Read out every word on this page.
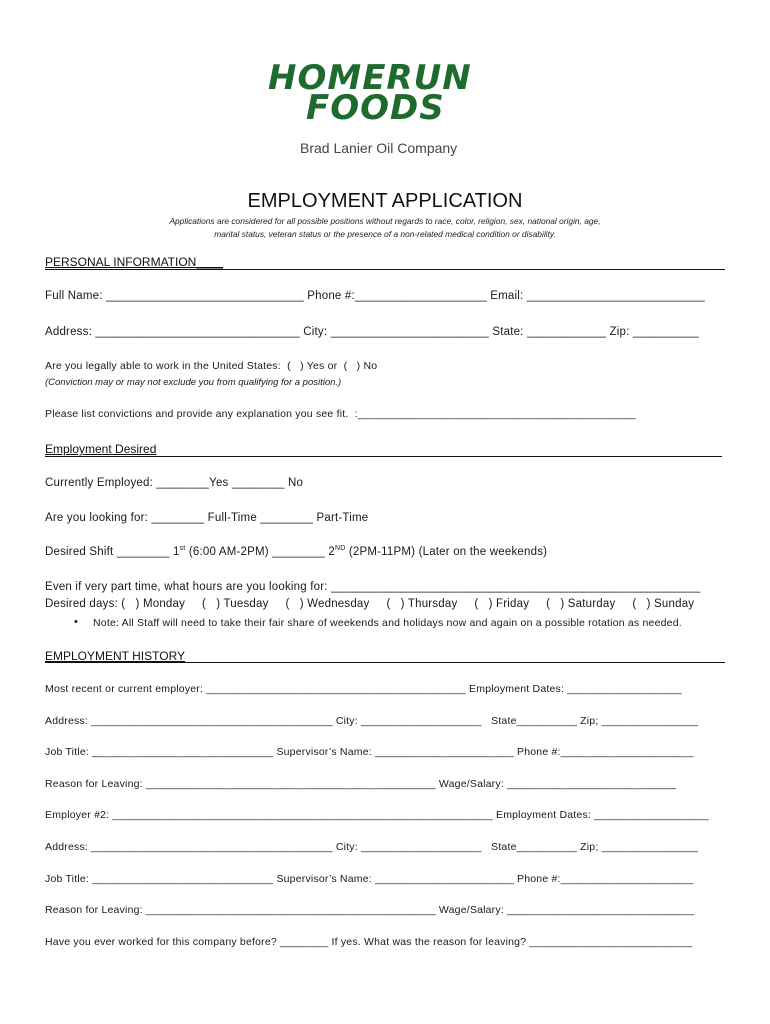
HOMERUN
FOODS
Brad Lanier Oil Company
EMPLOYMENT APPLICATION
Applications are considered for all possible positions without regards to race, color, religion, sex, national origin, age,
marital status, veteran status or the presence of a non-related medical condition or disability.
PERSONAL INFORMATION____
Full Name: ______________________________ Phone #:____________________ Email: ___________________________
Address: _______________________________ City: ________________________ State: ____________ Zip: __________
Are you legally able to work in the United States:  (   ) Yes or  (   ) No
(Conviction may or may not exclude you from qualifying for a position.)
Please list convictions and provide any explanation you see fit.  :______________________________________________
Employment Desired
Currently Employed: ________Yes ________ No
Are you looking for: ________ Full-Time ________ Part-Time
Desired Shift ________ 1st (6:00 AM-2PM) ________ 2ND (2PM-11PM) (Later on the weekends)
Even if very part time, what hours are you looking for: ________________________________________________________
Desired days: (   ) Monday     (   ) Tuesday     (   ) Wednesday     (   ) Thursday     (   ) Friday     (   ) Saturday     (   ) Sunday
• Note: All Staff will need to take their fair share of weekends and holidays now and again on a possible rotation as needed.
EMPLOYMENT HISTORY
Most recent or current employer: ___________________________________________ Employment Dates: ___________________
Address: ________________________________________ City: ____________________   State__________ Zip; ________________
Job Title: ______________________________ Supervisor’s Name: _______________________ Phone #:______________________
Reason for Leaving: ________________________________________________ Wage/Salary: ____________________________
Employer #2: _______________________________________________________________ Employment Dates: ___________________
Address: ________________________________________ City: ____________________   State__________ Zip; ________________
Job Title: ______________________________ Supervisor’s Name: _______________________ Phone #:______________________
Reason for Leaving: ________________________________________________ Wage/Salary: _______________________________
Have you ever worked for this company before? ________ If yes. What was the reason for leaving? ___________________________
